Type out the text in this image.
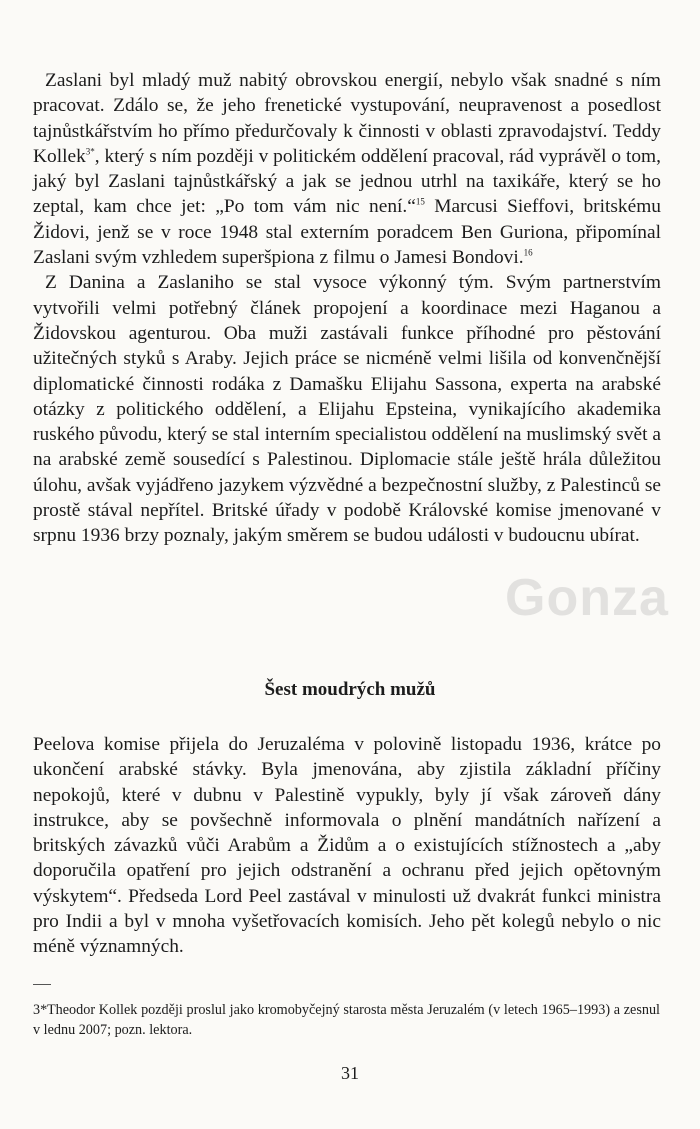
Zaslani byl mladý muž nabitý obrovskou energií, nebylo však snadné s ním pracovat. Zdálo se, že jeho frenetické vystupování, neupravenost a posedlost tajnůstkářstvím ho přímo předurčovaly k činnosti v oblasti zpravodajství. Teddy Kollek$^{3*}$, který s ním později v politickém oddělení pracoval, rád vyprávěl o tom, jaký byl Zaslani tajnůstkářský a jak se jednou utrhl na taxikáře, který se ho zeptal, kam chce jet: „Po tom vám nic není.“$^{15}$ Marcusi Sieffovi, britskému Židovi, jenž se v roce 1948 stal externím poradcem Ben Guriona, připomínal Zaslani svým vzhledem superšpiona z filmu o Jamesi Bondovi.$^{16}$

Z Danina a Zaslaniho se stal vysoce výkonný tým. Svým partnerstvím vytvořili velmi potřebný článek propojení a koordinace mezi Haganou a Židovskou agenturou. Oba muži zastávali funkce příhodné pro pěstování užitečných styků s Araby. Jejich práce se nicméně velmi lišila od konvenčnější diplomatické činnosti rodáka z Damašku Elijahu Sassona, experta na arabské otázky z politického oddělení, a Elijahu Epsteina, vynikajícího akademika ruského původu, který se stal interním specialistou oddělení na muslimský svět a na arabské země sousedící s Palestinou. Diplomacie stále ještě hrála důležitou úlohu, avšak vyjádřeno jazykem výzvědné a bezpečnostní služby, z Palestinců se prostě stával nepřítel. Britské úřady v podobě Královské komise jmenované v srpnu 1936 brzy poznaly, jakým směrem se budou události v budoucnu ubírat.

Šest moudrých mužů

Peelova komise přijela do Jeruzaléma v polovině listopadu 1936, krátce po ukončení arabské stávky. Byla jmenována, aby zjistila základní příčiny nepokojů, které v dubnu v Palestině vypukly, byly jí však zároveň dány instrukce, aby se povšechně informovala o plnění mandátních nařízení a britských závazků vůči Arabům a Židům a o existujících stížnostech a „aby doporučila opatření pro jejich odstranění a ochranu před jejich opětovným výskytem“. Předseda Lord Peel zastával v minulosti už dvakrát funkci ministra pro Indii a byl v mnoha vyšetřovacích komisích. Jeho pět kolegů nebylo o nic méně významných.

3*Theodor Kollek později proslul jako kromobyčejný starosta města Jeruzalém (v letech 1965–1993) a zesnul v lednu 2007; pozn. lektora.

31

Gonza
